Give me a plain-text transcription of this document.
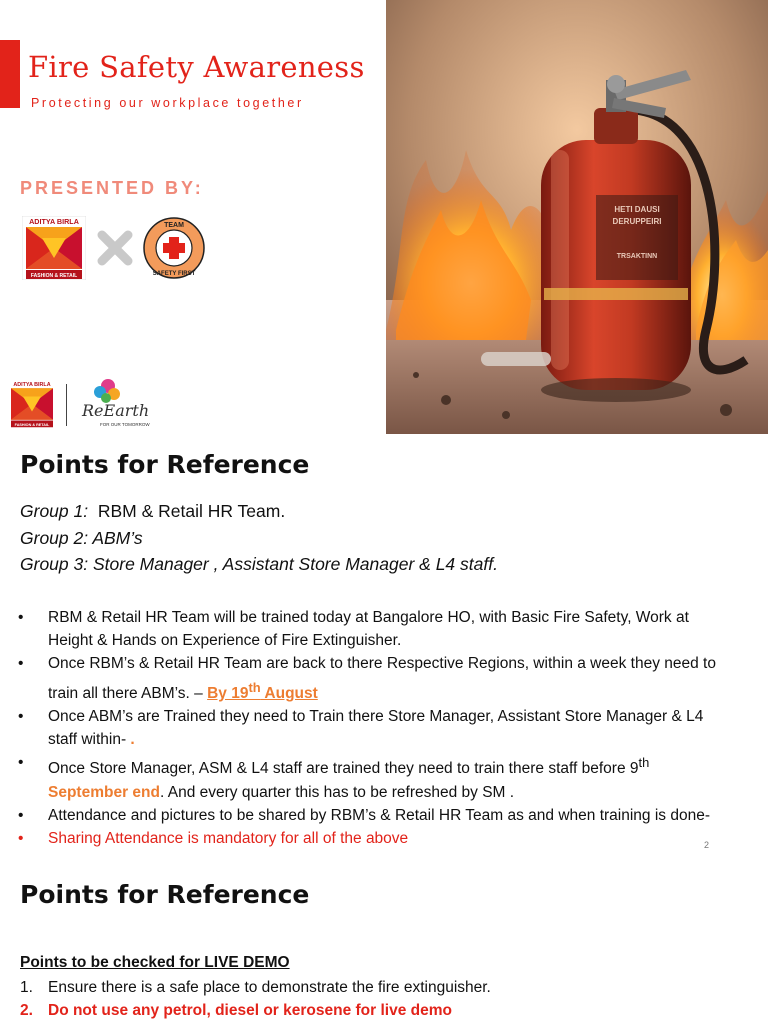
Fire Safety Awareness
Protecting our workplace together
PRESENTED BY:
ADITYA BIRLA
FASHION & RETAIL
TEAM
SAFETY FIRST
ADITYA BIRLA
FASHION & RETAIL
ReEarth
FOR OUR TOMORROW
HETI DAUSI
DERUPPEIRI
TRSAKTINN
Points for Reference
Group 1: RBM & Retail HR Team.
Group 2: ABM’s
Group 3: Store Manager , Assistant Store Manager & L4 staff.
• RBM & Retail HR Team will be trained today at Bangalore HO, with Basic Fire Safety, Work at Height & Hands on Experience of Fire Extinguisher.
• Once RBM’s & Retail HR Team are back to there Respective Regions, within a week they need to train all there ABM’s. – By 19th August
• Once ABM’s are Trained they need to Train there Store Manager, Assistant Store Manager & L4 staff within- .
• Once Store Manager, ASM & L4 staff are trained they need to train there staff before 9th September end. And every quarter this has to be refreshed by SM .
• Attendance and pictures to be shared by RBM’s & Retail HR Team as and when training is done-
• Sharing Attendance is mandatory for all of the above	2
Points for Reference
Points to be checked for LIVE DEMO
1. Ensure there is a safe place to demonstrate the fire extinguisher.
2. Do not use any petrol, diesel or kerosene for live demo
